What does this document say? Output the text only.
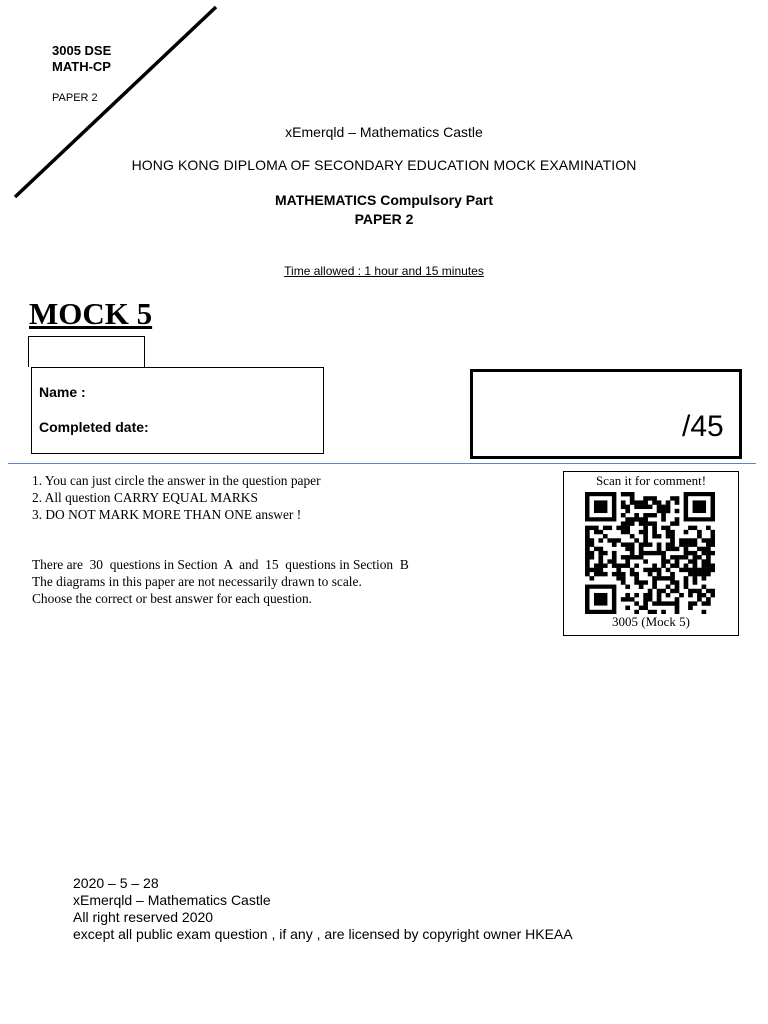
3005 DSE
MATH-CP
PAPER 2
xEmerqld – Mathematics Castle
HONG KONG DIPLOMA OF SECONDARY EDUCATION MOCK EXAMINATION
MATHEMATICS Compulsory Part
PAPER 2
Time allowed : 1 hour and 15 minutes
MOCK 5
Name :
Completed date:	/45
1. You can just circle the answer in the question paper
2. All question CARRY EQUAL MARKS
3. DO NOT MARK MORE THAN ONE answer !
There are  30  questions in Section  A  and  15  questions in Section  B
The diagrams in this paper are not necessarily drawn to scale.
Choose the correct or best answer for each question.
Scan it for comment!
3005 (Mock 5)
2020 – 5 – 28
xEmerqld – Mathematics Castle
All right reserved 2020
except all public exam question , if any , are licensed by copyright owner HKEAA
